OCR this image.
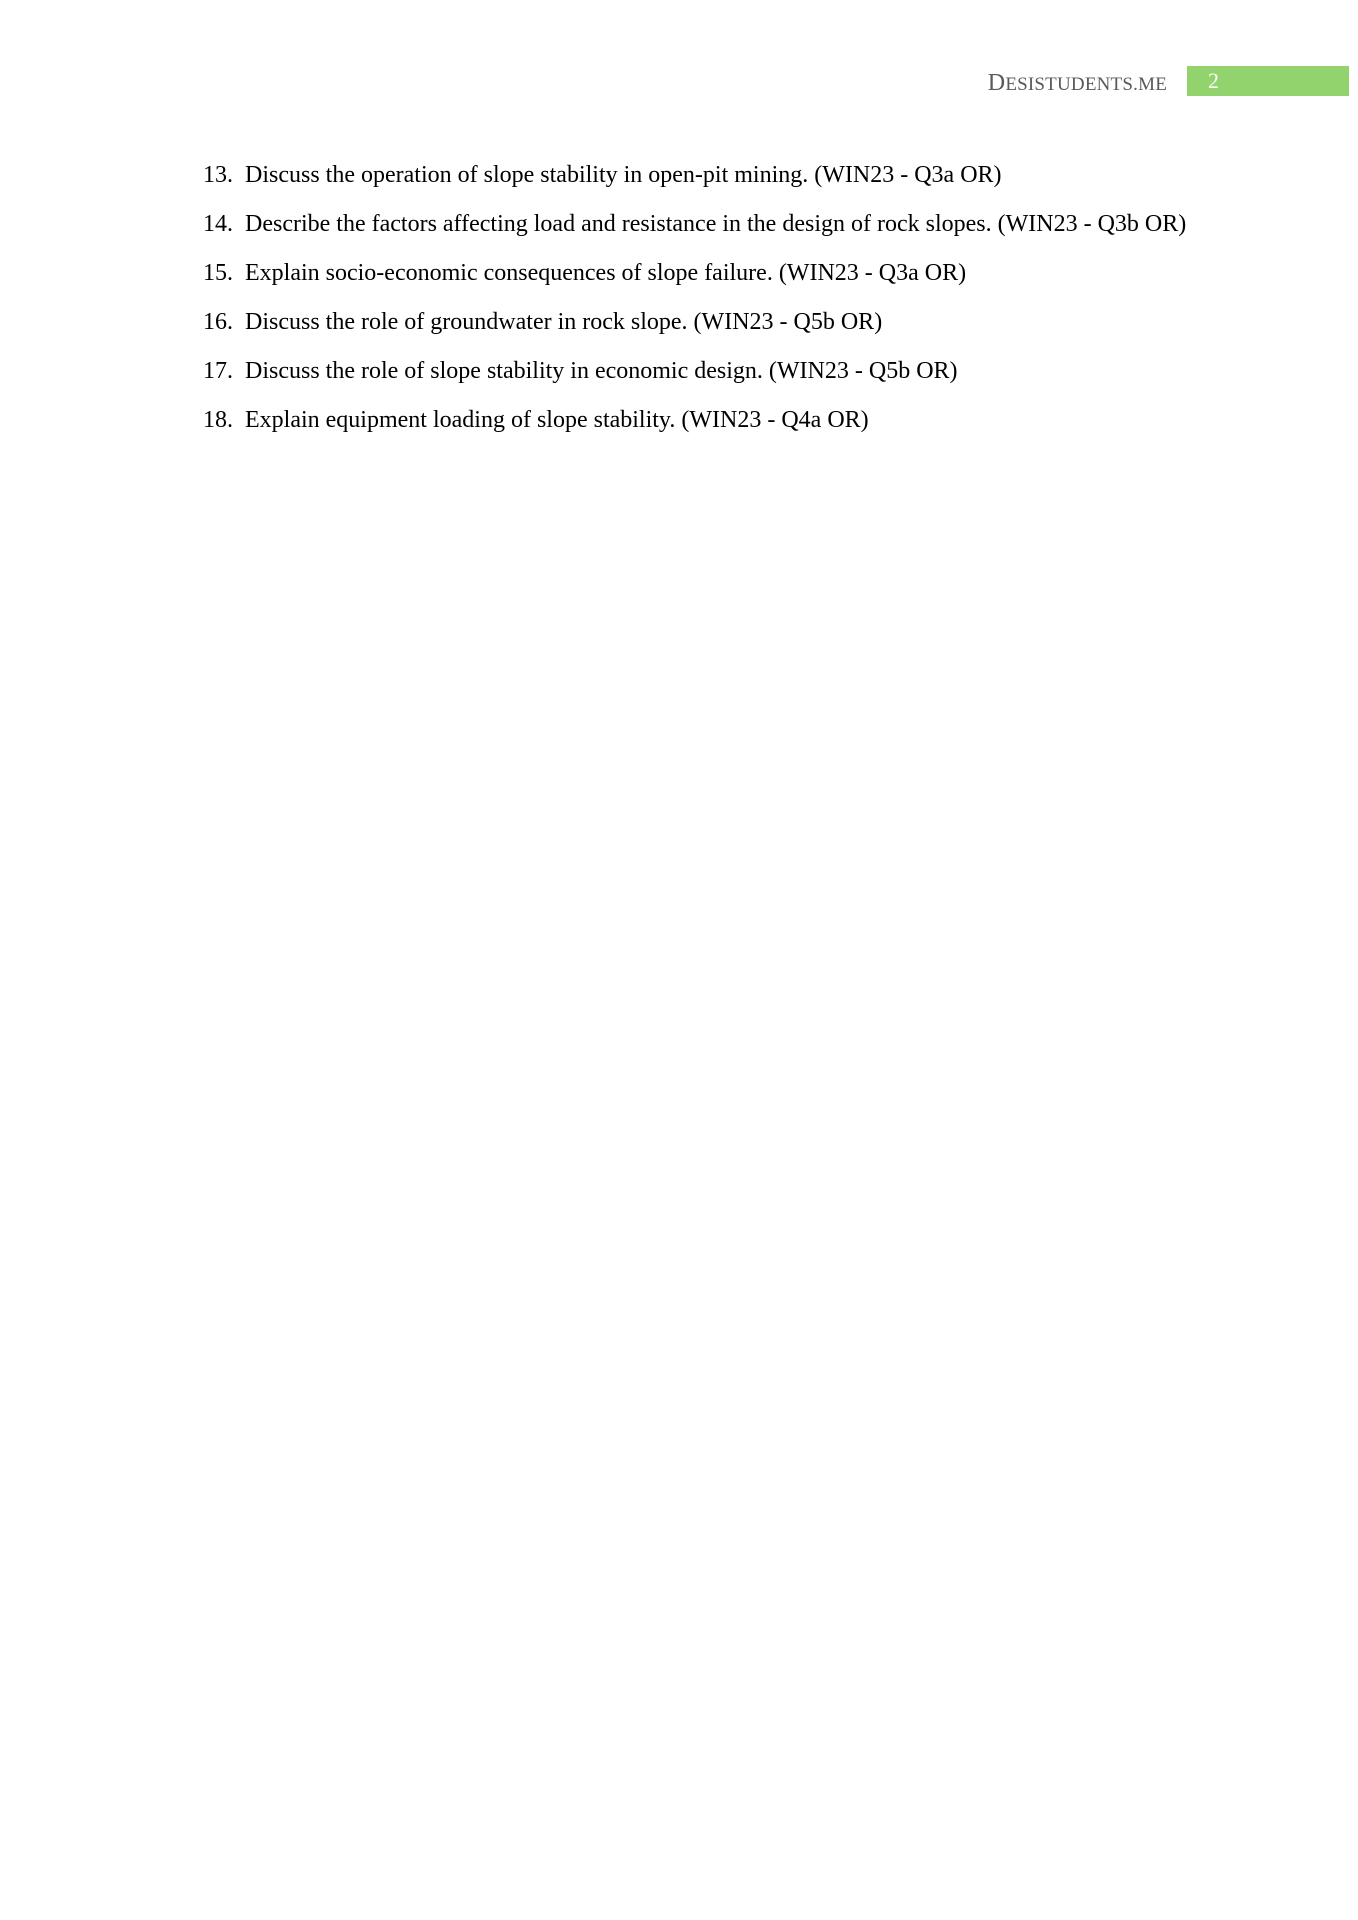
DESISTUDENTS.ME 2
13. Discuss the operation of slope stability in open-pit mining. (WIN23 - Q3a OR)
14. Describe the factors affecting load and resistance in the design of rock slopes. (WIN23 - Q3b OR)
15. Explain socio-economic consequences of slope failure. (WIN23 - Q3a OR)
16. Discuss the role of groundwater in rock slope. (WIN23 - Q5b OR)
17. Discuss the role of slope stability in economic design. (WIN23 - Q5b OR)
18. Explain equipment loading of slope stability. (WIN23 - Q4a OR)
